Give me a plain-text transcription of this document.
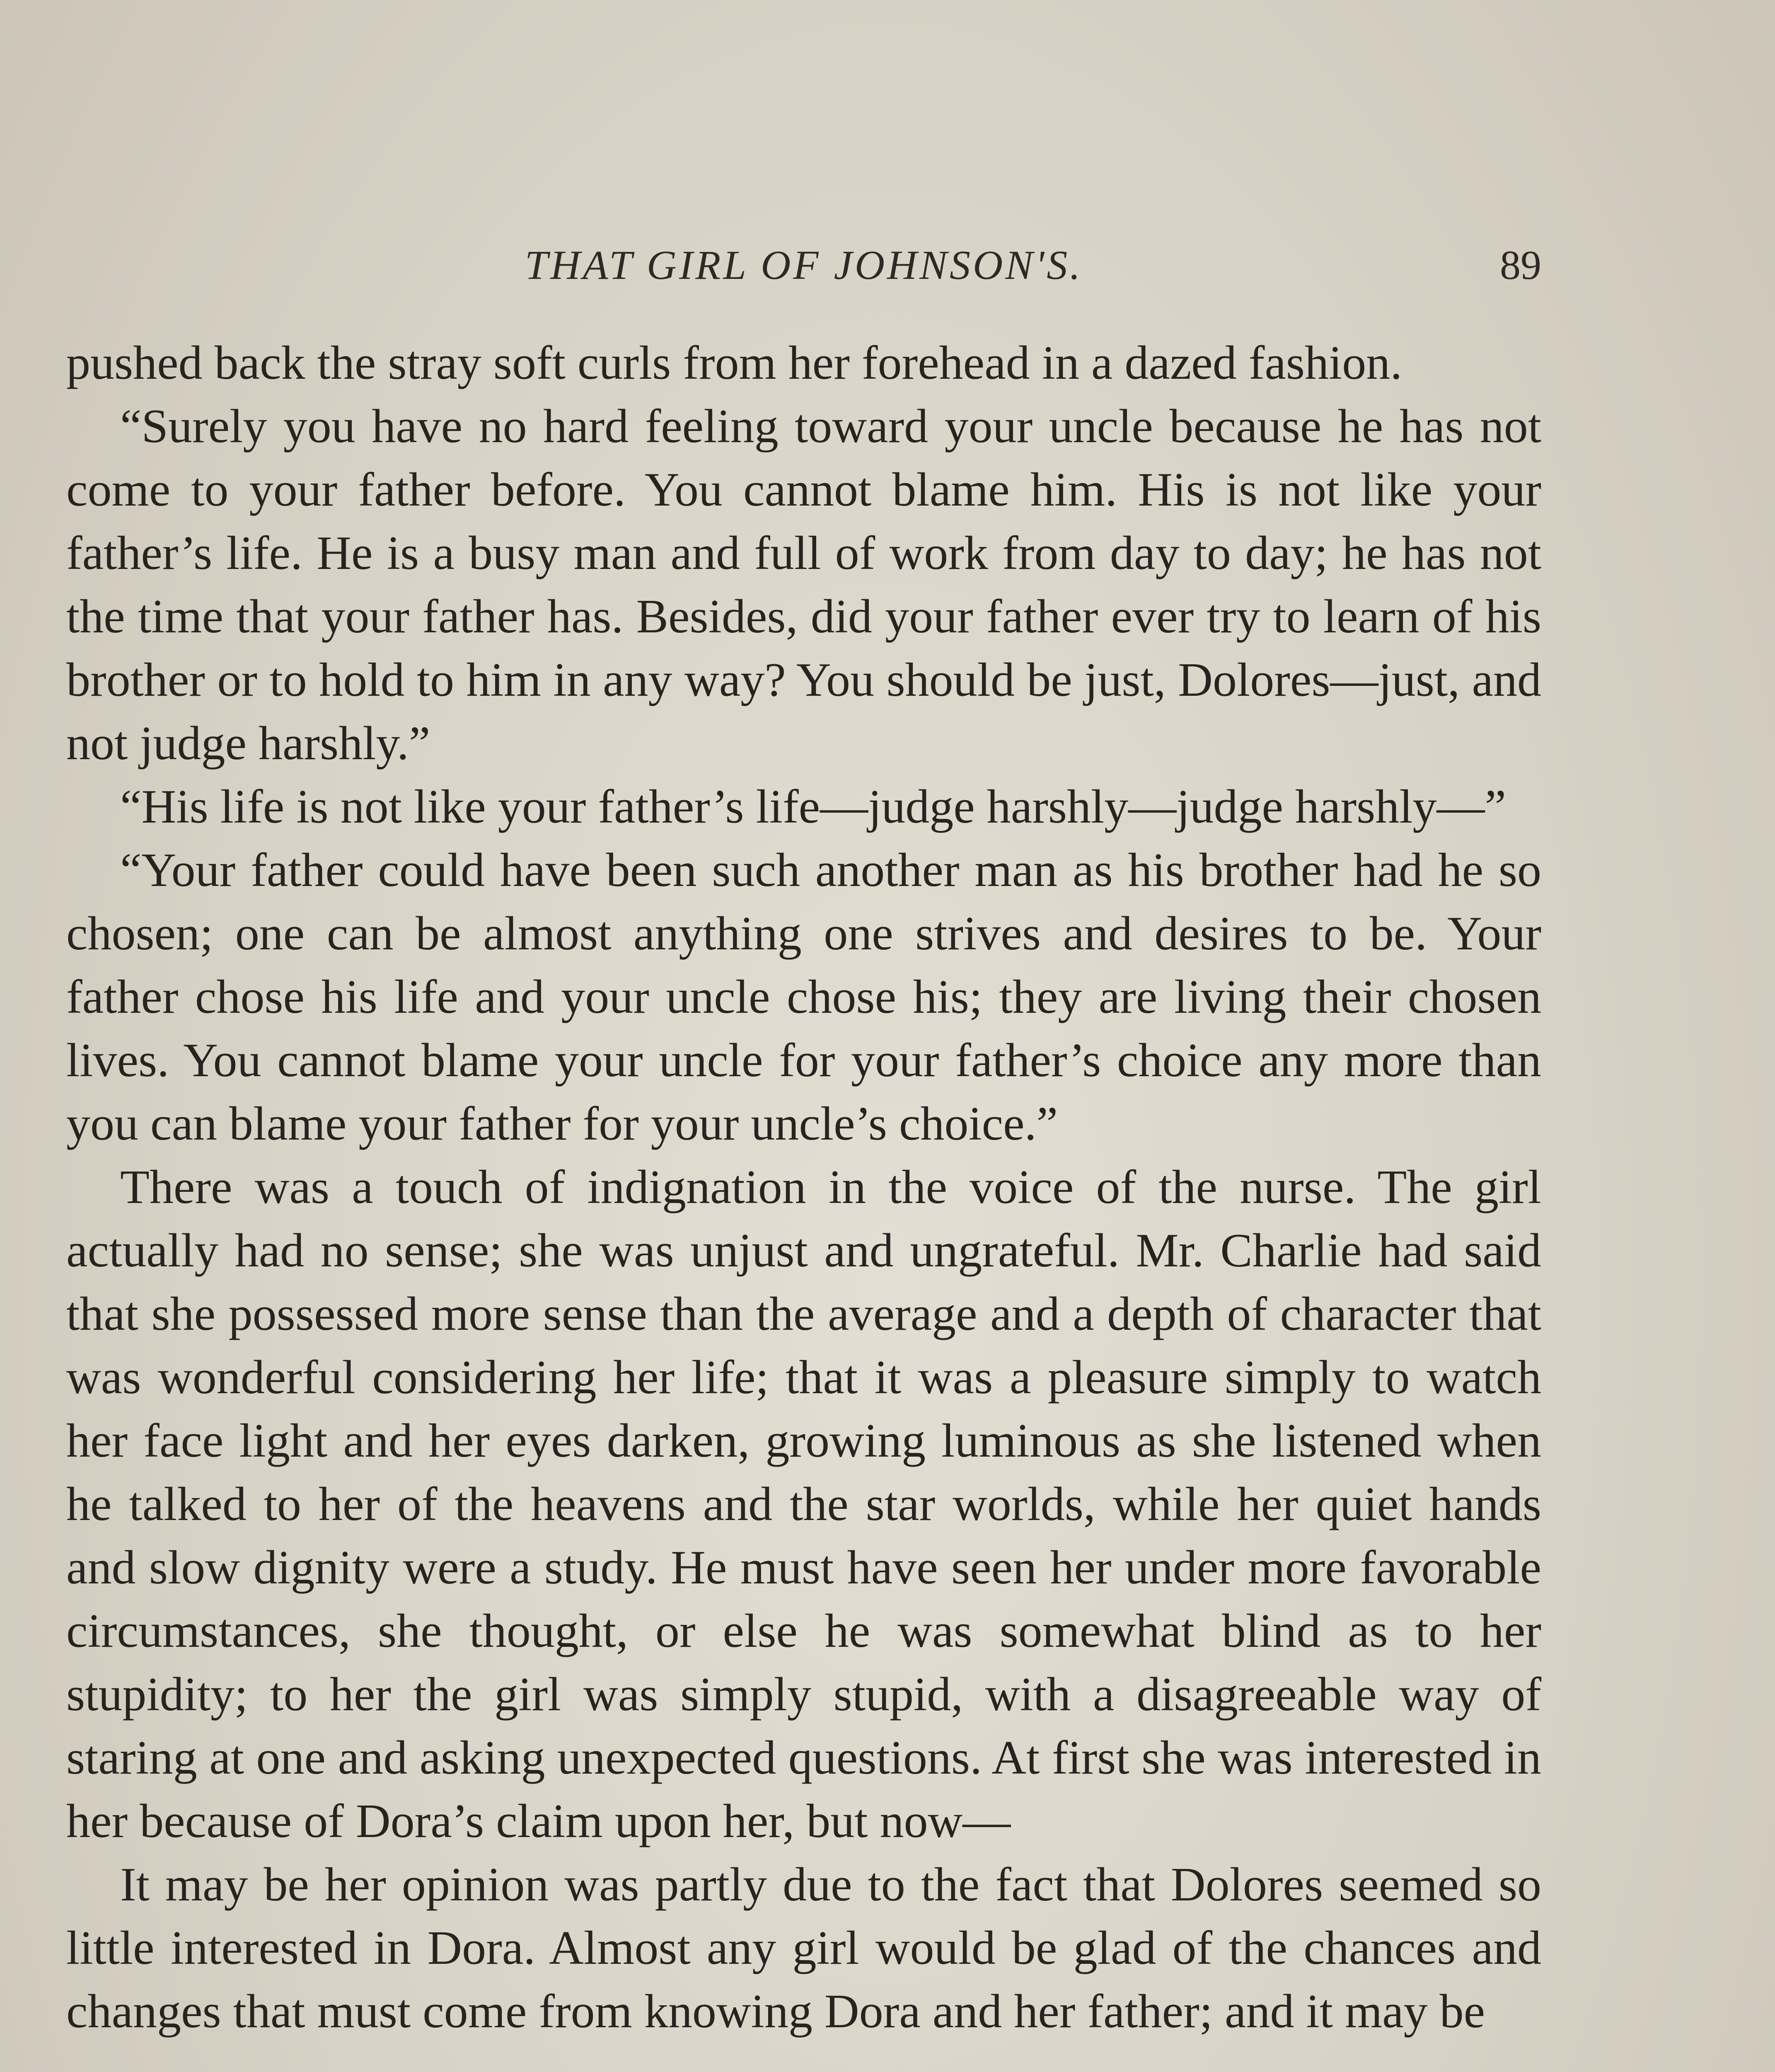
THAT GIRL OF JOHNSON'S.	89

pushed back the stray soft curls from her forehead in a dazed fashion.

“Surely you have no hard feeling toward your uncle because he has not come to your father before. You cannot blame him. His is not like your father’s life. He is a busy man and full of work from day to day; he has not the time that your father has. Besides, did your father ever try to learn of his brother or to hold to him in any way? You should be just, Dolores—just, and not judge harshly.”

“His life is not like your father’s life—judge harshly—judge harshly—”

“Your father could have been such another man as his brother had he so chosen; one can be almost anything one strives and desires to be. Your father chose his life and your uncle chose his; they are living their chosen lives. You cannot blame your uncle for your father’s choice any more than you can blame your father for your uncle’s choice.”

There was a touch of indignation in the voice of the nurse. The girl actually had no sense; she was unjust and ungrateful. Mr. Charlie had said that she possessed more sense than the average and a depth of character that was wonderful considering her life; that it was a pleasure simply to watch her face light and her eyes darken, growing luminous as she listened when he talked to her of the heavens and the star worlds, while her quiet hands and slow dignity were a study. He must have seen her under more favorable circumstances, she thought, or else he was somewhat blind as to her stupidity; to her the girl was simply stupid, with a disagreeable way of staring at one and asking unexpected questions. At first she was interested in her because of Dora’s claim upon her, but now—

It may be her opinion was partly due to the fact that Dolores seemed so little interested in Dora. Almost any girl would be glad of the chances and changes that must come from knowing Dora and her father; and it may be
